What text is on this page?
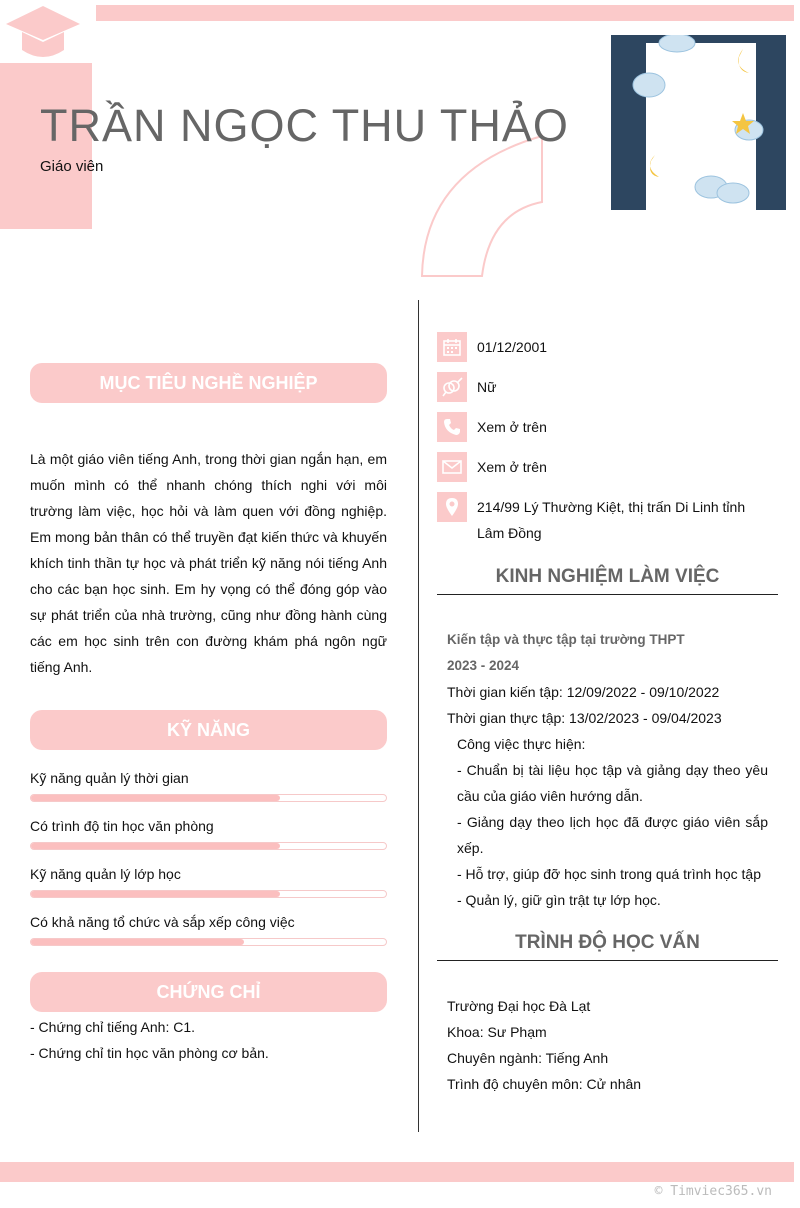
TRẦN NGỌC THU THẢO
Giáo viên
MỤC TIÊU NGHỀ NGHIỆP
Là một giáo viên tiếng Anh, trong thời gian ngắn hạn, em muốn mình có thể nhanh chóng thích nghi với môi trường làm việc, học hỏi và làm quen với đồng nghiệp. Em mong bản thân có thể truyền đạt kiến thức và khuyến khích tinh thần tự học và phát triển kỹ năng nói tiếng Anh cho các bạn học sinh. Em hy vọng có thể đóng góp vào sự phát triển của nhà trường, cũng như đồng hành cùng các em học sinh trên con đường khám phá ngôn ngữ tiếng Anh.
KỸ NĂNG
Kỹ năng quản lý thời gian
Có trình độ tin học văn phòng
Kỹ năng quản lý lớp học
Có khả năng tổ chức và sắp xếp công việc
CHỨNG CHỈ
- Chứng chỉ tiếng Anh: C1.
- Chứng chỉ tin học văn phòng cơ bản.
01/12/2001
Nữ
Xem ở trên
Xem ở trên
214/99 Lý Thường Kiệt, thị trấn Di Linh tỉnh Lâm Đồng
KINH NGHIỆM LÀM VIỆC
Kiến tập và thực tập tại trường THPT
2023 - 2024
Thời gian kiến tập: 12/09/2022 - 09/10/2022
Thời gian thực tập: 13/02/2023 - 09/04/2023
Công việc thực hiện:
- Chuẩn bị tài liệu học tập và giảng dạy theo yêu cầu của giáo viên hướng dẫn.
- Giảng dạy theo lịch học đã được giáo viên sắp xếp.
- Hỗ trợ, giúp đỡ học sinh trong quá trình học tập
- Quản lý, giữ gìn trật tự lớp học.
TRÌNH ĐỘ HỌC VẤN
Trường Đại học Đà Lạt
Khoa: Sư Phạm
Chuyên ngành: Tiếng Anh
Trình độ chuyên môn: Cử nhân
© Timviec365.vn
